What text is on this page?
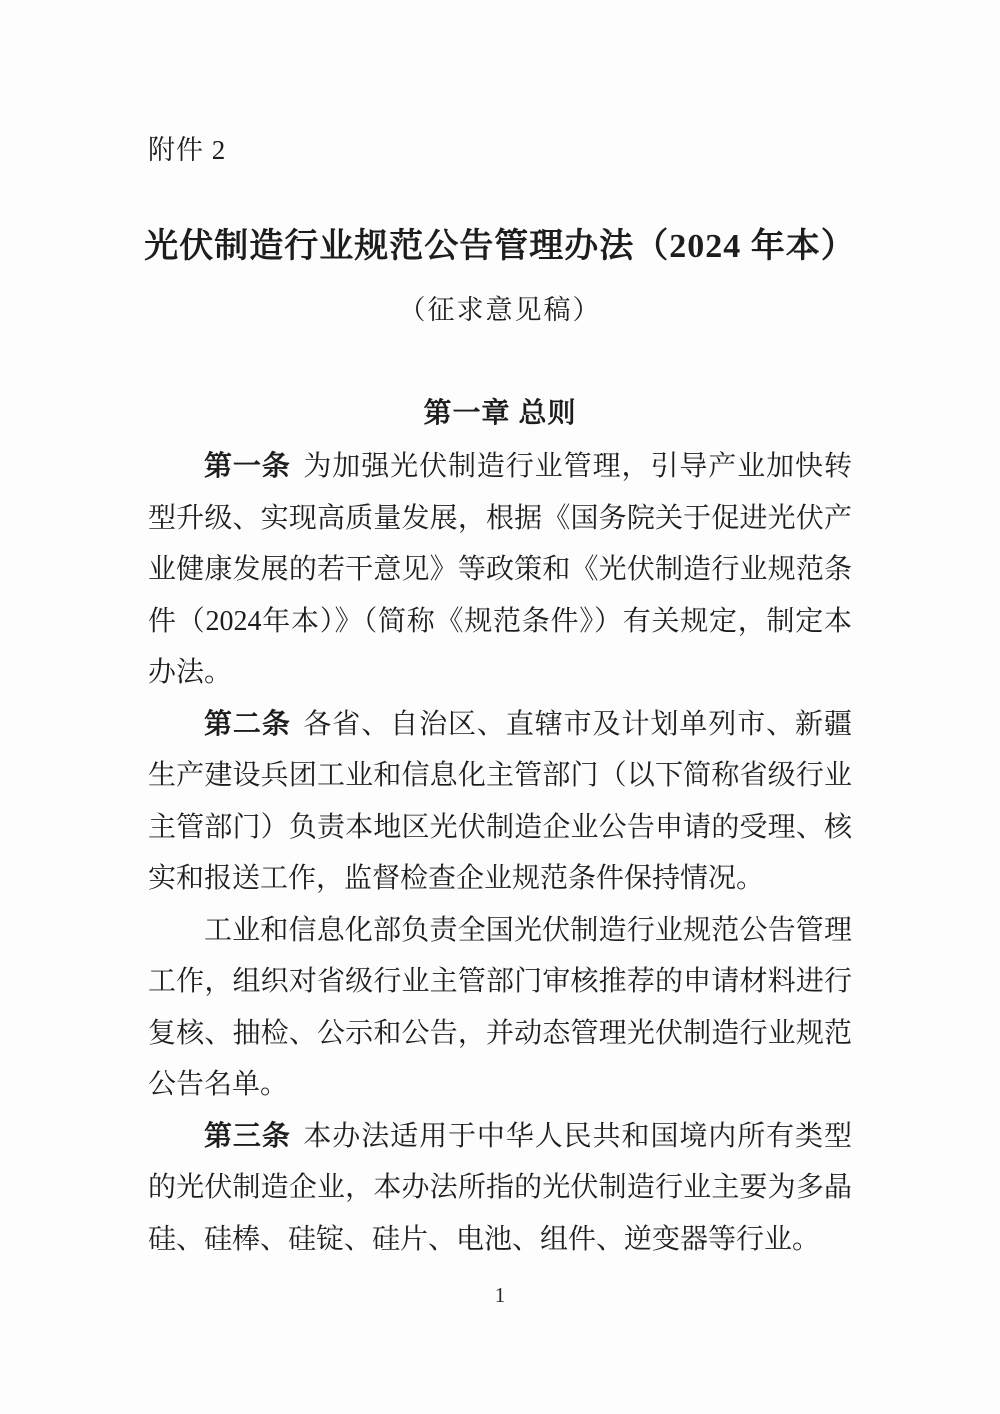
附件 2
光伏制造行业规范公告管理办法（2024 年本）
（征求意见稿）
第一章 总则

第一条 为加强光伏制造行业管理，引导产业加快转型升级、实现高质量发展，根据《国务院关于促进光伏产业健康发展的若干意见》等政策和《光伏制造行业规范条件（2024年本）》（简称《规范条件》）有关规定，制定本办法。

第二条 各省、自治区、直辖市及计划单列市、新疆生产建设兵团工业和信息化主管部门（以下简称省级行业主管部门）负责本地区光伏制造企业公告申请的受理、核实和报送工作，监督检查企业规范条件保持情况。

工业和信息化部负责全国光伏制造行业规范公告管理工作，组织对省级行业主管部门审核推荐的申请材料进行复核、抽检、公示和公告，并动态管理光伏制造行业规范公告名单。

第三条 本办法适用于中华人民共和国境内所有类型的光伏制造企业，本办法所指的光伏制造行业主要为多晶硅、硅棒、硅锭、硅片、电池、组件、逆变器等行业。

1
